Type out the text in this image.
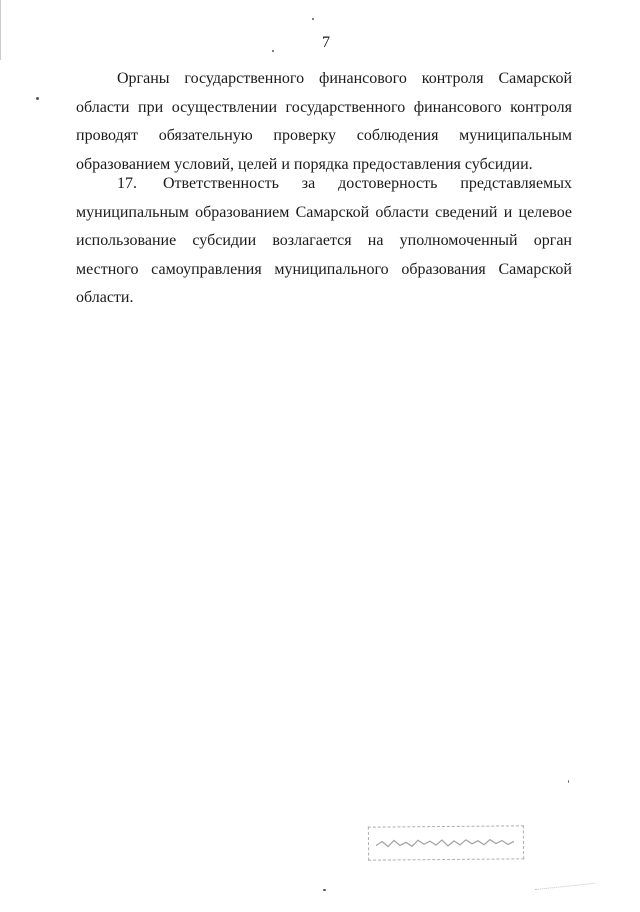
7

Органы государственного финансового контроля Самарской области при осуществлении государственного финансового контроля проводят обязательную проверку соблюдения муниципальным образованием условий, целей и порядка предоставления субсидии.

17. Ответственность за достоверность представляемых муниципальным образованием Самарской области сведений и целевое использование субсидии возлагается на уполномоченный орган местного самоуправления муниципального образования Самарской области.
